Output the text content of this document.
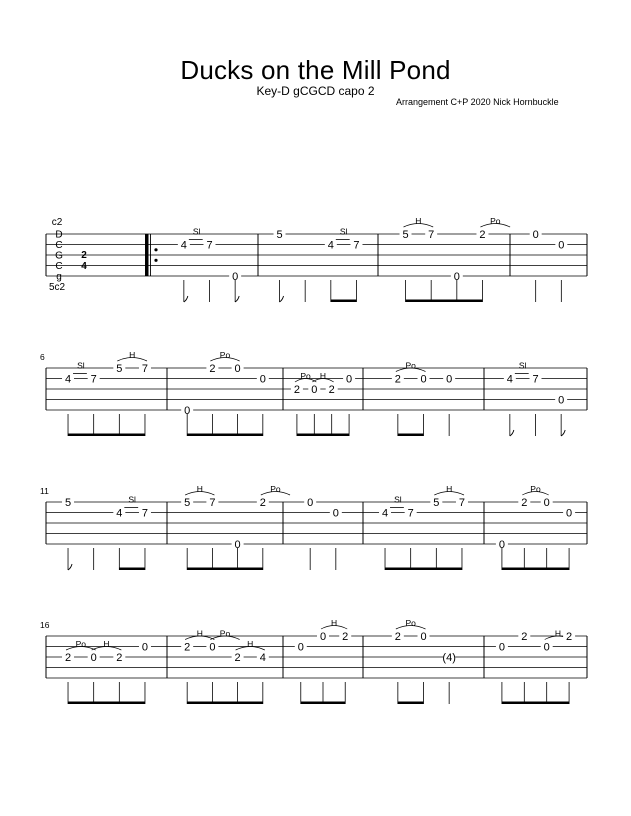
Ducks on the Mill Pond
Key-D gCGCD capo 2
Arrangement C+P 2020 Nick Hornbuckle
D
C
G
C
g
c2
5c2
2
4
4
Sl
7
0
5
4
Sl
7
5
H
7
0
2
Po
0
0
6
4
Sl
7
5
H
7
0
2
Po
0
0
2
Po
0
H
2
0	2
Po
0 0	4
Sl
7
0
11
5
4
Sl
7
5
H
7
0
2
Po
0
0	4
Sl
7
5
H
7
0
2
Po
0
0
16
2
Po
0
H
2
0	2
H
0
Po
2
H
4
0
0
H
2	2
Po
0
(4)
0
2
0
H 2
